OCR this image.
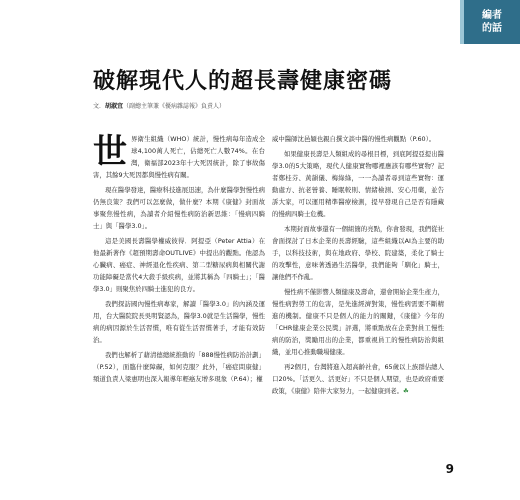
編者
的話
破解現代人的超長壽健康密碼
文．胡淑宜（副總主筆兼《優病雜誌報》負責人）

世界衛生組織（WHO）統計，慢性病每年造成全球4,100萬人死亡，佔總死亡人數74%。在台灣，衛福部2023年十大死因統計，除了事故傷害，其餘9大死因都與慢性病有關。

現在醫學發達，醫療科技進展迅速，為什麼醫學對慢性病仍無良策？我們可以怎麼做，做什麼？本期《康健》封面故事聚焦慢性病，為讀者介紹慢性病防治新思維：「慢病四騎士」與「醫學3.0」。

這是美國長壽醫學權威彼得．阿提亞（Peter Attia）在他最新著作《超預期壽命OUTLIVE》中提出的觀點。他認為心臟病、癌症、神經退化性疾病、第二型糖尿病與相關代謝功能障礙是當代4大殺手級疾病，並將其稱為「四騎士」；「醫學3.0」則聚焦於四騎士進犯的良方。

我們探訪國內慢性病專家，解讀「醫學3.0」的內涵及運用，台大醫院院長吳明賢認為，醫學3.0就是生活醫學，慢性病的病因源於生活習慣，唯有從生活習慣著手，才能有效防治。

我們也解析了藉清德總統推動的「888慢性病防治計劃」（P.52），面臨什麼障礙，如何克服？此外，「癌症問康健」頻道負責人梁惠明也深入報導年輕癌友增多現象（P.64）；權

威中醫師沈邑穎也親自撰文談中醫的慢性病觀點（P.60）。

如果健康長壽是人類組成的尋根目標，到底阿提亞提出醫學3.0的5大策略，現代人健康實物哪裡應該有哪些實物？記者鄭桂芬、黃韻儀、梅綠綠，一一為讀者尋到這些實物：運動處方、抗老營養、睡眠較則、情緒檢測、安心用藥，並告訴大家，可以運用精準醫療檢測，提早發現自己是否有隱藏的慢病四騎士危機。

本期封面故事還有一個組簡的亮點，你會發現，我們從社會面探討了日本企業的長壽經驗，這些組織以AI為主要的助手，以科技技術，與在地政府、學校、院建築，柔化了騎士的攻擊性，意味著透過生活醫學，我們能夠「馴化」騎士，讓他們不作亂。

慢性病不僅影響人類健康及壽命，還會開始企業生產力，慢性病對勞工的危害，是先進經濟對策，慢性病需要不斷精進的機制。健康不只是個人的能力的關鍵，《康健》今年的「CHR健康企業公民獎」評選，將重點放在企業對員工慢性病的防治，獎勵用出的企業，都重視員工的慢性病防治與組織，並用心推動職場健康。

再2個月，台灣將進入超高齡社會，65歲以上族群佔總人口20%。「活更久、活更好」不只是個人期望，也是政府重要政策，《康健》陪伴大家努力，一起健康到老。☘

9
